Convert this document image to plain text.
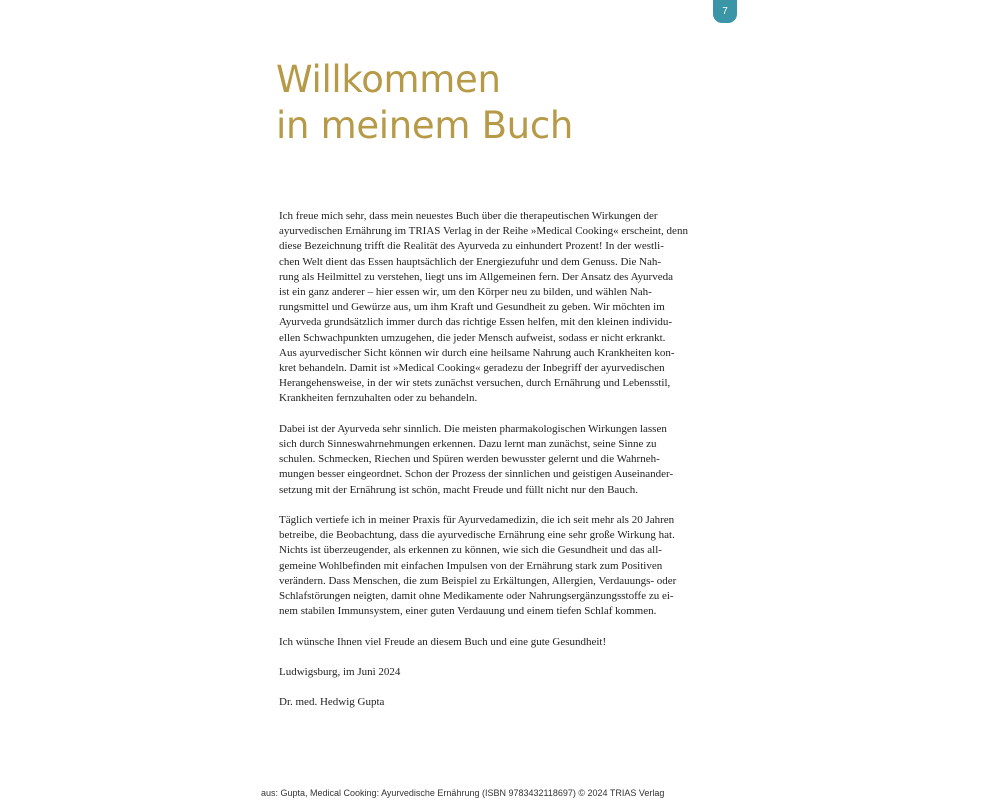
7
Willkommen
in meinem Buch

Ich freue mich sehr, dass mein neuestes Buch über die therapeutischen Wirkungen der
ayurvedischen Ernährung im TRIAS Verlag in der Reihe »Medical Cooking« erscheint, denn
diese Bezeichnung trifft die Realität des Ayurveda zu einhundert Prozent! In der westli-
chen Welt dient das Essen hauptsächlich der Energiezufuhr und dem Genuss. Die Nah-
rung als Heilmittel zu verstehen, liegt uns im Allgemeinen fern. Der Ansatz des Ayurveda
ist ein ganz anderer – hier essen wir, um den Körper neu zu bilden, und wählen Nah-
rungsmittel und Gewürze aus, um ihm Kraft und Gesundheit zu geben. Wir möchten im
Ayurveda grundsätzlich immer durch das richtige Essen helfen, mit den kleinen individu-
ellen Schwachpunkten umzugehen, die jeder Mensch aufweist, sodass er nicht erkrankt.
Aus ayurvedischer Sicht können wir durch eine heilsame Nahrung auch Krankheiten kon-
kret behandeln. Damit ist »Medical Cooking« geradezu der Inbegriff der ayurvedischen
Herangehensweise, in der wir stets zunächst versuchen, durch Ernährung und Lebensstil,
Krankheiten fernzuhalten oder zu behandeln.

Dabei ist der Ayurveda sehr sinnlich. Die meisten pharmakologischen Wirkungen lassen
sich durch Sinneswahrnehmungen erkennen. Dazu lernt man zunächst, seine Sinne zu
schulen. Schmecken, Riechen und Spüren werden bewusster gelernt und die Wahrneh-
mungen besser eingeordnet. Schon der Prozess der sinnlichen und geistigen Auseinander-
setzung mit der Ernährung ist schön, macht Freude und füllt nicht nur den Bauch.

Täglich vertiefe ich in meiner Praxis für Ayurvedamedizin, die ich seit mehr als 20 Jahren
betreibe, die Beobachtung, dass die ayurvedische Ernährung eine sehr große Wirkung hat.
Nichts ist überzeugender, als erkennen zu können, wie sich die Gesundheit und das all-
gemeine Wohlbefinden mit einfachen Impulsen von der Ernährung stark zum Positiven
verändern. Dass Menschen, die zum Beispiel zu Erkältungen, Allergien, Verdauungs- oder
Schlafstörungen neigten, damit ohne Medikamente oder Nahrungsergänzungsstoffe zu ei-
nem stabilen Immunsystem, einer guten Verdauung und einem tiefen Schlaf kommen.

Ich wünsche Ihnen viel Freude an diesem Buch und eine gute Gesundheit!

Ludwigsburg, im Juni 2024

Dr. med. Hedwig Gupta

aus: Gupta, Medical Cooking: Ayurvedische Ernährung (ISBN 9783432118697) © 2024 TRIAS Verlag
